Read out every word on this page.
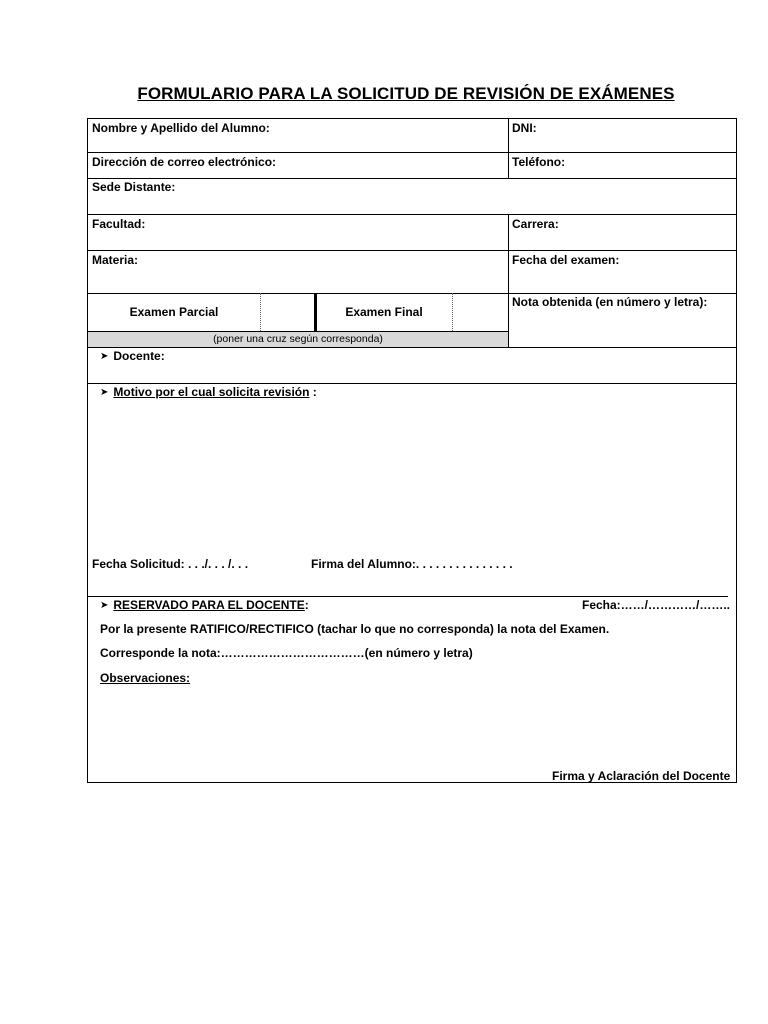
FORMULARIO PARA LA SOLICITUD DE REVISIÓN DE EXÁMENES
Nombre y Apellido del Alumno:	DNI:
Dirección de correo electrónico:	Teléfono:
Sede Distante:
Facultad:	Carrera:
Materia:	Fecha del examen:
Examen Parcial	Examen Final
Nota obtenida (en número y letra):
(poner una cruz según corresponda)
➤ Docente:
➤ Motivo por el cual solicita revisión :
Fecha Solicitud: . . ./. . . /. . .	Firma del Alumno:. . . . . . . . . . . . . . .
➤ RESERVADO PARA EL DOCENTE:	Fecha:……/…………/……..
Por la presente RATIFICO/RECTIFICO (tachar lo que no corresponda) la nota del Examen.
Corresponde la nota:………………………………(en número y letra)
Observaciones:
Firma y Aclaración del Docente
